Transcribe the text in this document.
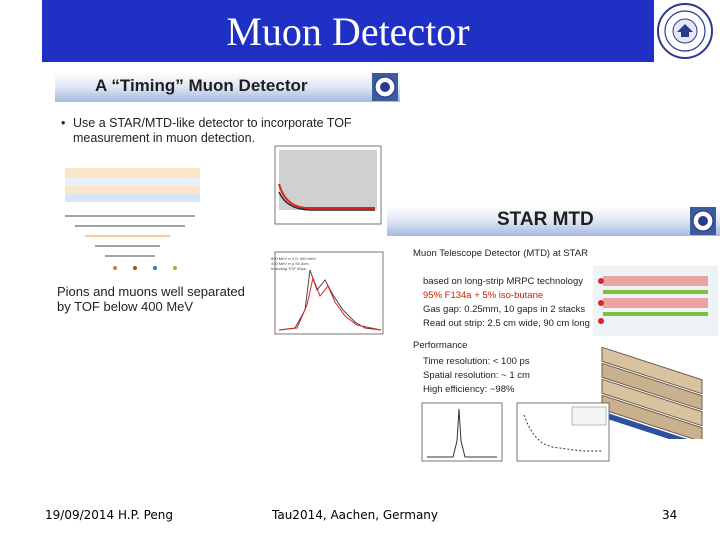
Muon Detector
A “Timing” Muon Detector
• Use a STAR/MTD-like detector to incorporate TOF measurement in muon detection.
800 MeV π 2.0: 400 MeV
470 MeV π μ 50.5cm
Including TOF 50ps
Pions and muons well separated by TOF below 400 MeV
STAR MTD
Muon Telescope Detector (MTD) at STAR
based on long-strip MRPC technology
95% F134a + 5% iso-butane
Gas gap: 0.25mm, 10 gaps in 2 stacks
Read out strip: 2.5 cm wide, 90 cm long
Performance
Time resolution: < 100 ps
Spatial resolution: ~ 1 cm
High efficiency: ~98%
19/09/2014 H.P. Peng	Tau2014, Aachen, Germany	34
